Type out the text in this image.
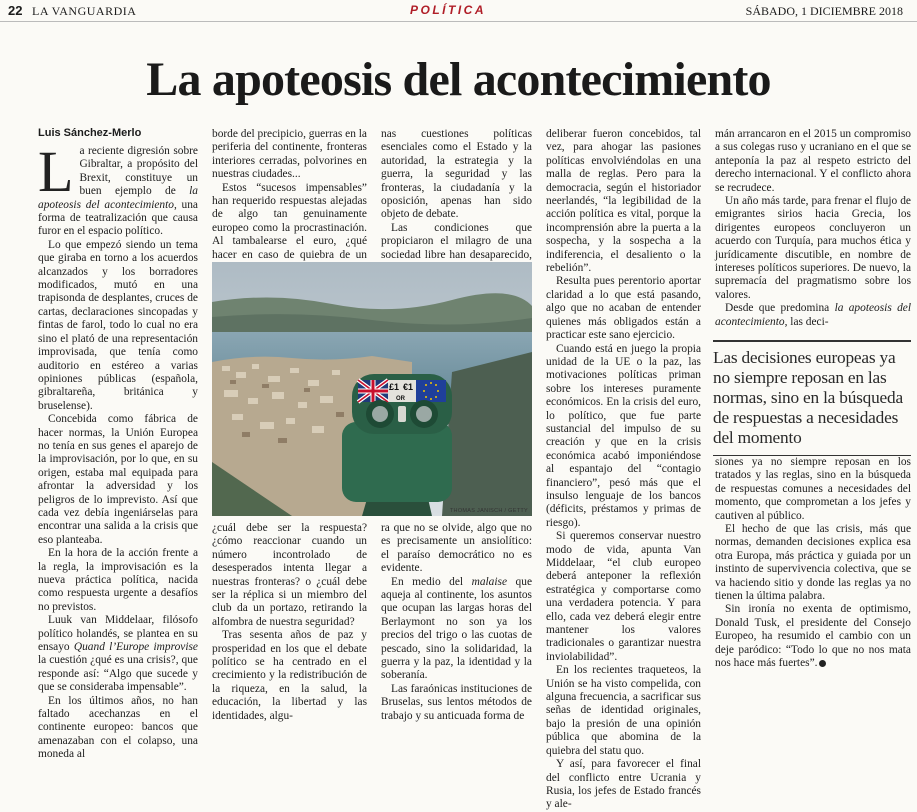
22 LA VANGUARDIA	POLÍTICA	SÁBADO, 1 DICIEMBRE 2018
La apoteosis del acontecimiento
Luis Sánchez-Merlo

La reciente digresión sobre Gibraltar, a propósito del Brexit, constituye un buen ejemplo de la apoteosis del acontecimiento, una forma de teatralización que causa furor en el espacio político.

Lo que empezó siendo un tema que giraba en torno a los acuerdos alcanzados y los borradores modificados, mutó en una trapisonda de desplantes, cruces de cartas, declaraciones sincopadas y fintas de farol, todo lo cual no era sino el plató de una representación improvisada, que tenía como auditorio en estéreo a varias opiniones públicas (española, gibraltareña, británica y bruselense).

Concebida como fábrica de hacer normas, la Unión Europea no tenía en sus genes el aparejo de la improvisación, por lo que, en su origen, estaba mal equipada para afrontar la adversidad y los peligros de lo imprevisto. Así que cada vez debía ingeniárselas para encontrar una salida a la crisis que eso planteaba.

En la hora de la acción frente a la regla, la improvisación es la nueva práctica política, nacida como respuesta urgente a desafíos no previstos.

Luuk van Middelaar, filósofo político holandés, se plantea en su ensayo Quand l’Europe improvise la cuestión ¿qué es una crisis?, que responde así: “Algo que sucede y que se consideraba impensable”.

En los últimos años, no han faltado acechanzas en el continente europeo: bancos que amenazaban con el colapso, una moneda al

borde del precipicio, guerras en la periferia del continente, fronteras interiores cerradas, polvorines en nuestras ciudades...

Estos “sucesos impensables” han requerido respuestas alejadas de algo tan genuinamente europeo como la procrastinación. Al tambalearse el euro, ¿qué hacer en caso de quiebra de un

nas cuestiones políticas esenciales como el Estado y la autoridad, la estrategia y la guerra, la seguridad y las fronteras, la ciudadanía y la oposición, apenas han sido objeto de debate.

Las condiciones que propiciaron el milagro de una sociedad libre han desaparecido,

£1 €1
OR
THOMAS JANISCH / GETTY

¿cuál debe ser la respuesta? ¿cómo reaccionar cuando un número incontrolado de desesperados intenta llegar a nuestras fronteras? o ¿cuál debe ser la réplica si un miembro del club da un portazo, retirando la alfombra de nuestra seguridad?

Tras sesenta años de paz y prosperidad en los que el debate político se ha centrado en el crecimiento y la redistribución de la riqueza, en la salud, la educación, la libertad y las identidades, algu-

ra que no se olvide, algo que no es precisamente un ansiolítico: el paraíso democrático no es evidente.

En medio del malaise que aqueja al continente, los asuntos que ocupan las largas horas del Berlaymont no son ya los precios del trigo o las cuotas de pescado, sino la solidaridad, la guerra y la paz, la identidad y la soberanía.

Las faraónicas instituciones de Bruselas, sus lentos métodos de trabajo y su anticuada forma de

deliberar fueron concebidos, tal vez, para ahogar las pasiones políticas envolviéndolas en una malla de reglas. Pero para la democracia, según el historiador neerlandés, “la legibilidad de la acción política es vital, porque la incomprensión abre la puerta a la sospecha, y la sospecha a la indiferencia, el desaliento o la rebelión”.

Resulta pues perentorio aportar claridad a lo que está pasando, algo que no acaban de entender quienes más obligados están a practicar este sano ejercicio.

Cuando está en juego la propia unidad de la UE o la paz, las motivaciones políticas priman sobre los intereses puramente económicos. En la crisis del euro, lo político, que fue parte sustancial del impulso de su creación y que en la crisis económica acabó imponiéndose al espantajo del “contagio financiero”, pesó más que el insulso lenguaje de los bancos (déficits, préstamos y primas de riesgo).

Si queremos conservar nuestro modo de vida, apunta Van Middelaar, “el club europeo deberá anteponer la reflexión estratégica y comportarse como una verdadera potencia. Y para ello, cada vez deberá elegir entre mantener los valores tradicionales o garantizar nuestra inviolabilidad”.

En los recientes traqueteos, la Unión se ha visto compelida, con alguna frecuencia, a sacrificar sus señas de identidad originales, bajo la presión de una opinión pública que abomina de la quiebra del statu quo.

Y así, para favorecer el final del conflicto entre Ucrania y Rusia, los jefes de Estado francés y ale-

mán arrancaron en el 2015 un compromiso a sus colegas ruso y ucraniano en el que se anteponía la paz al respeto estricto del derecho internacional. Y el conflicto ahora se recrudece.

Un año más tarde, para frenar el flujo de emigrantes sirios hacia Grecia, los dirigentes europeos concluyeron un acuerdo con Turquía, para muchos ética y jurídicamente discutible, en nombre de intereses políticos superiores. De nuevo, la supremacía del pragmatismo sobre los valores.

Desde que predomina la apoteosis del acontecimiento, las deci-

Las decisiones europeas ya no siempre reposan en las normas, sino en la búsqueda de respuestas a necesidades del momento

siones ya no siempre reposan en los tratados y las reglas, sino en la búsqueda de respuestas comunes a necesidades del momento, que comprometan a los jefes y cautiven al público.

El hecho de que las crisis, más que normas, demanden decisiones explica esa otra Europa, más práctica y guiada por un instinto de supervivencia colectiva, que se va haciendo sitio y donde las reglas ya no tienen la última palabra.

Sin ironía no exenta de optimismo, Donald Tusk, el presidente del Consejo Europeo, ha resumido el cambio con un deje paródico: “Todo lo que no nos mata nos hace más fuertes”.
